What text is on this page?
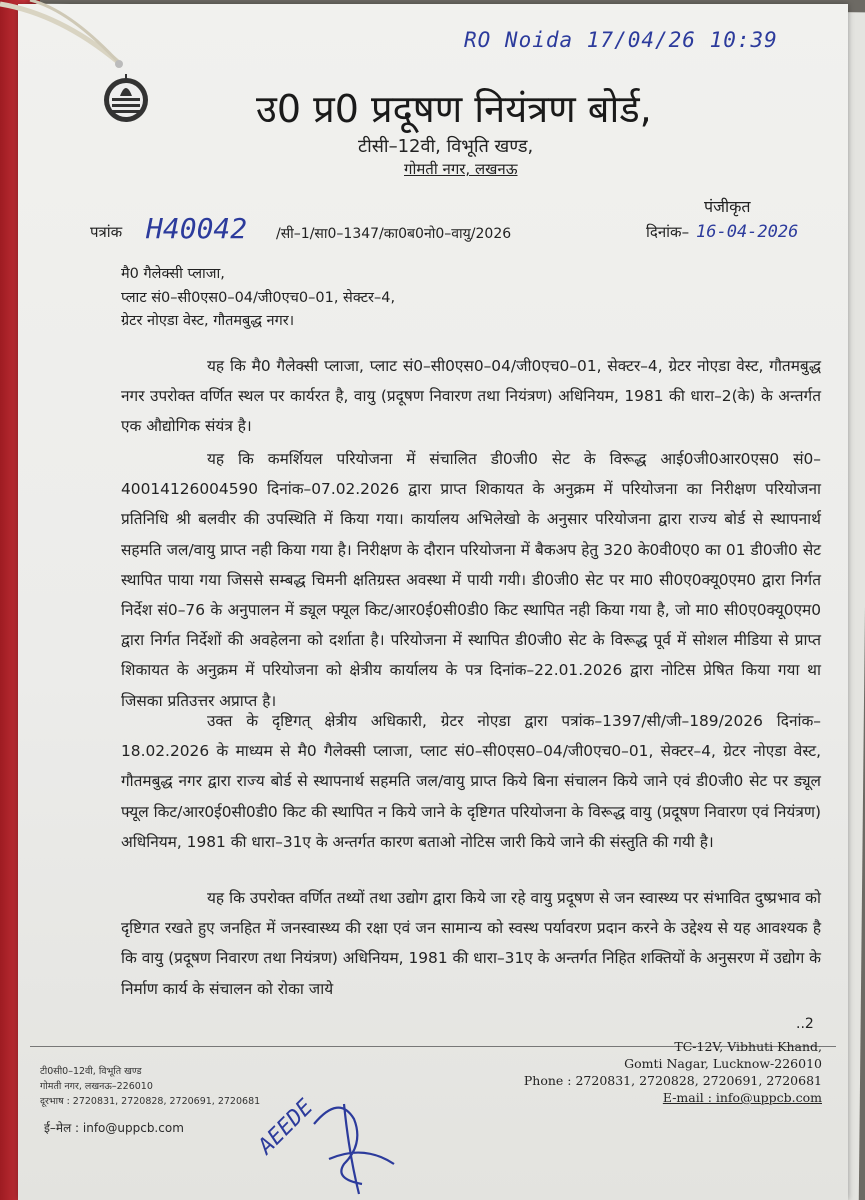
RO Noida 17/04/26 10:39
उ0 प्र0 प्रदूषण नियंत्रण बोर्ड,
टीसी–12वी, विभूति खण्ड,
गोमती नगर, लखनऊ
पंजीकृत
पत्रांक H40042 /सी–1/सा0–1347/का0ब0नो0–वायु/2026	दिनांक– 16-04-2026
मै0 गैलेक्सी प्लाजा,
प्लाट सं0–सी0एस0–04/जी0एच0–01, सेक्टर–4,
ग्रेटर नोएडा वेस्ट, गौतमबुद्ध नगर।
यह कि मै0 गैलेक्सी प्लाजा, प्लाट सं0–सी0एस0–04/जी0एच0–01, सेक्टर–4, ग्रेटर नोएडा वेस्ट, गौतमबुद्ध नगर उपरोक्त वर्णित स्थल पर कार्यरत है, वायु (प्रदूषण निवारण तथा नियंत्रण) अधिनियम, 1981 की धारा–2(के) के अन्तर्गत एक औद्योगिक संयंत्र है।
यह कि कमर्शियल परियोजना में संचालित डी0जी0 सेट के विरूद्ध आई0जी0आर0एस0 सं0–40014126004590 दिनांक–07.02.2026 द्वारा प्राप्त शिकायत के अनुक्रम में परियोजना का निरीक्षण परियोजना प्रतिनिधि श्री बलवीर की उपस्थिति में किया गया। कार्यालय अभिलेखो के अनुसार परियोजना द्वारा राज्य बोर्ड से स्थापनार्थ सहमति जल/वायु प्राप्त नही किया गया है। निरीक्षण के दौरान परियोजना में बैकअप हेतु 320 के0वी0ए0 का 01 डी0जी0 सेट स्थापित पाया गया जिससे सम्बद्ध चिमनी क्षतिग्रस्त अवस्था में पायी गयी। डी0जी0 सेट पर मा0 सी0ए0क्यू0एम0 द्वारा निर्गत निर्देश सं0–76 के अनुपालन में ड्यूल फ्यूल किट/आर0ई0सी0डी0 किट स्थापित नही किया गया है, जो मा0 सी0ए0क्यू0एम0 द्वारा निर्गत निर्देशों की अवहेलना को दर्शाता है। परियोजना में स्थापित डी0जी0 सेट के विरूद्ध पूर्व में सोशल मीडिया से प्राप्त शिकायत के अनुक्रम में परियोजना को क्षेत्रीय कार्यालय के पत्र दिनांक–22.01.2026 द्वारा नोटिस प्रेषित किया गया था जिसका प्रतिउत्तर अप्राप्त है।
उक्त के दृष्टिगत् क्षेत्रीय अधिकारी, ग्रेटर नोएडा द्वारा पत्रांक–1397/सी/जी–189/2026 दिनांक–18.02.2026 के माध्यम से मै0 गैलेक्सी प्लाजा, प्लाट सं0–सी0एस0–04/जी0एच0–01, सेक्टर–4, ग्रेटर नोएडा वेस्ट, गौतमबुद्ध नगर द्वारा राज्य बोर्ड से स्थापनार्थ सहमति जल/वायु प्राप्त किये बिना संचालन किये जाने एवं डी0जी0 सेट पर ड्यूल फ्यूल किट/आर0ई0सी0डी0 किट की स्थापित न किये जाने के दृष्टिगत परियोजना के विरूद्ध वायु (प्रदूषण निवारण एवं नियंत्रण) अधिनियम, 1981 की धारा–31ए के अन्तर्गत कारण बताओ नोटिस जारी किये जाने की संस्तुति की गयी है।
यह कि उपरोक्त वर्णित तथ्यों तथा उद्योग द्वारा किये जा रहे वायु प्रदूषण से जन स्वास्थ्य पर संभावित दुष्प्रभाव को दृष्टिगत रखते हुए जनहित में जनस्वास्थ्य की रक्षा एवं जन सामान्य को स्वस्थ पर्यावरण प्रदान करने के उद्देश्य से यह आवश्यक है कि वायु (प्रदूषण निवारण तथा नियंत्रण) अधिनियम, 1981 की धारा–31ए के अन्तर्गत निहित शक्तियों के अनुसरण में उद्योग के निर्माण कार्य के संचालन को रोका जाये
..2
टी0सी0–12वी, विभूति खण्ड
गोमती नगर, लखनऊ–226010
दूरभाष : 2720831, 2720828, 2720691, 2720681
ई–मेल : info@uppcb.com
TC-12V, Vibhuti Khand,
Gomti Nagar, Lucknow-226010
Phone : 2720831, 2720828, 2720691, 2720681
E-mail : info@uppcb.com
AEEDE
